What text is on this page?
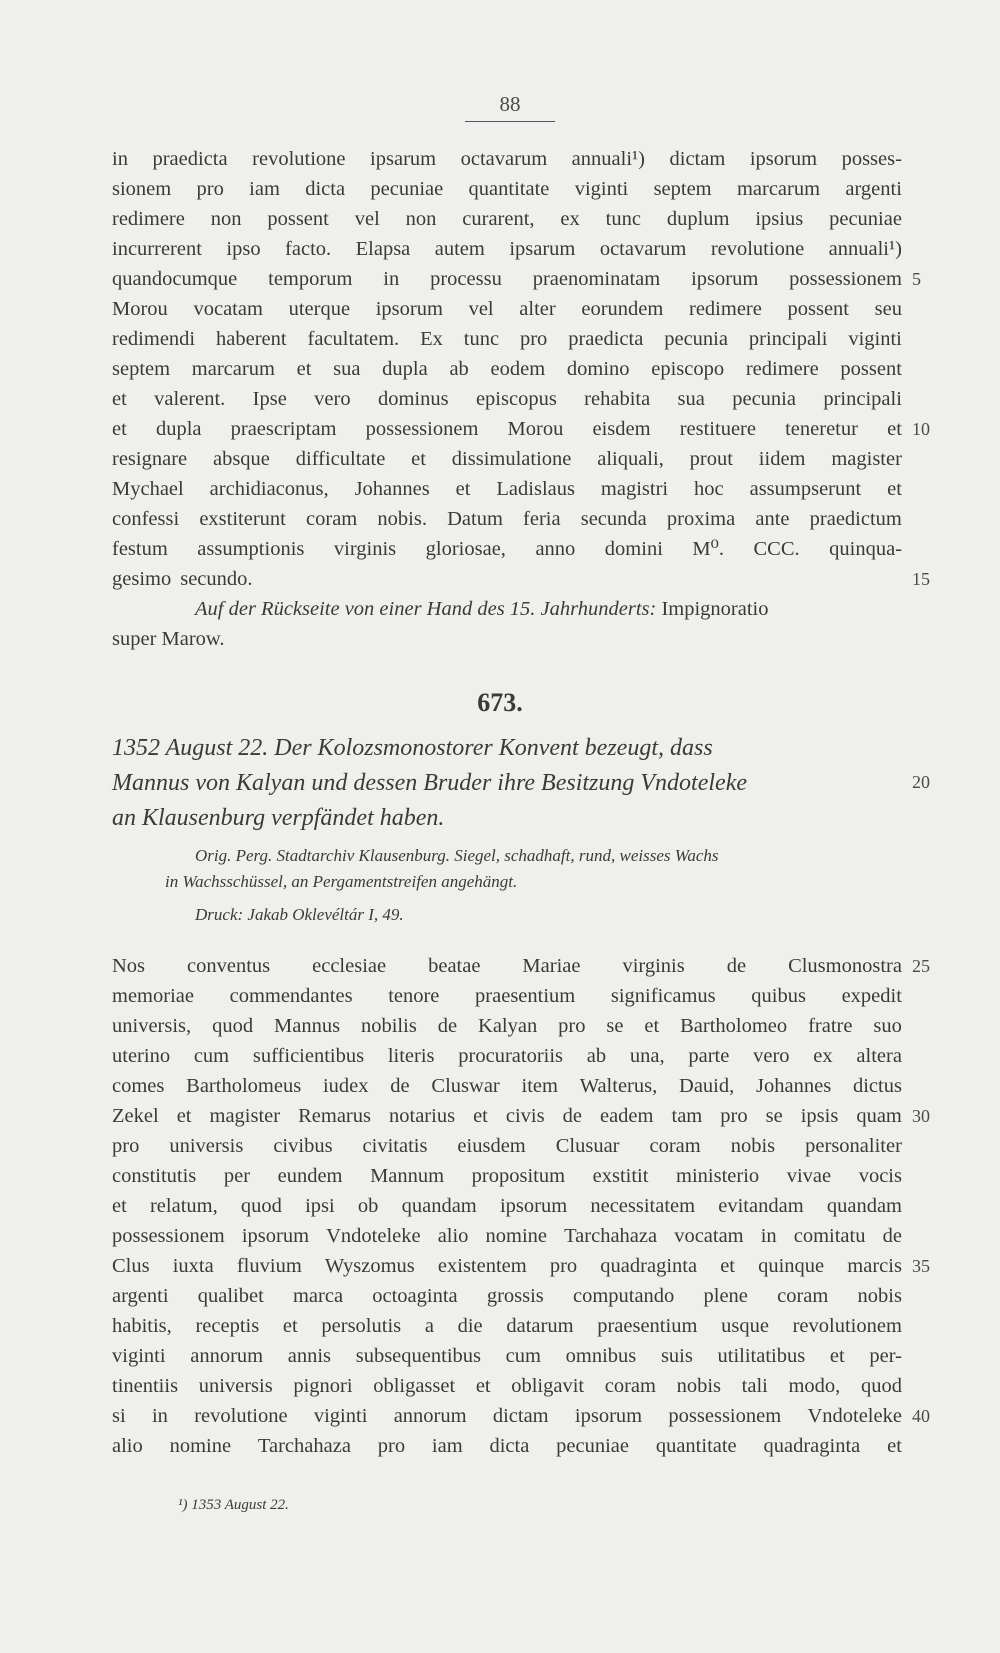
88
in praedicta revolutione ipsarum octavarum annuali¹) dictam ipsorum posses-
sionem pro iam dicta pecuniae quantitate viginti septem marcarum argenti
redimere non possent vel non curarent, ex tunc duplum ipsius pecuniae
incurrerent ipso facto. Elapsa autem ipsarum octavarum revolutione annuali¹)
quandocumque temporum in processu praenominatam ipsorum possessionem
Morou vocatam uterque ipsorum vel alter eorundem redimere possent seu
redimendi haberent facultatem. Ex tunc pro praedicta pecunia principali viginti
septem marcarum et sua dupla ab eodem domino episcopo redimere possent
et valerent. Ipse vero dominus episcopus rehabita sua pecunia principali
et dupla praescriptam possessionem Morou eisdem restituere teneretur et
resignare absque difficultate et dissimulatione aliquali, prout iidem magister
Mychael archidiaconus, Johannes et Ladislaus magistri hoc assumpserunt et
confessi exstiterunt coram nobis. Datum feria secunda proxima ante praedictum
festum assumptionis virginis gloriosae, anno domini M⁰. CCC. quinqua-
gesimo secundo.
Auf der Rückseite von einer Hand des 15. Jahrhunderts:
Impignoratio
super Marow.
673.
1352 August 22. Der Kolozsmonostorer Konvent bezeugt, dass
Mannus von Kalyan und dessen Bruder ihre Besitzung Vndoteleke
an Klausenburg verpfändet haben.
Orig. Perg. Stadtarchiv Klausenburg. Siegel, schadhaft, rund, weisses Wachs
in Wachsschüssel, an Pergamentstreifen angehängt.
Druck: Jakab Oklevéltár I, 49.
Nos conventus ecclesiae beatae Mariae virginis de Clusmonostra
memoriae commendantes tenore praesentium significamus quibus expedit
universis, quod Mannus nobilis de Kalyan pro se et Bartholomeo fratre suo
uterino cum sufficientibus literis procuratoriis ab una, parte vero ex altera
comes Bartholomeus iudex de Cluswar item Walterus, Dauid, Johannes dictus
Zekel et magister Remarus notarius et civis de eadem tam pro se ipsis quam
pro universis civibus civitatis eiusdem Clusuar coram nobis personaliter
constitutis per eundem Mannum propositum exstitit ministerio vivae vocis
et relatum, quod ipsi ob quandam ipsorum necessitatem evitandam quandam
possessionem ipsorum Vndoteleke alio nomine Tarchahaza vocatam in comitatu de
Clus iuxta fluvium Wyszomus existentem pro quadraginta et quinque marcis
argenti qualibet marca octoaginta grossis computando plene coram nobis
habitis, receptis et persolutis a die datarum praesentium usque revolutionem
viginti annorum annis subsequentibus cum omnibus suis utilitatibus et per-
tinentiis universis pignori obligasset et obligavit coram nobis tali modo, quod
si in revolutione viginti annorum dictam ipsorum possessionem Vndoteleke
alio nomine Tarchahaza pro iam dicta pecuniae quantitate quadraginta et
5
10
15
20
25
30
35
40
¹) 1353 August 22.
